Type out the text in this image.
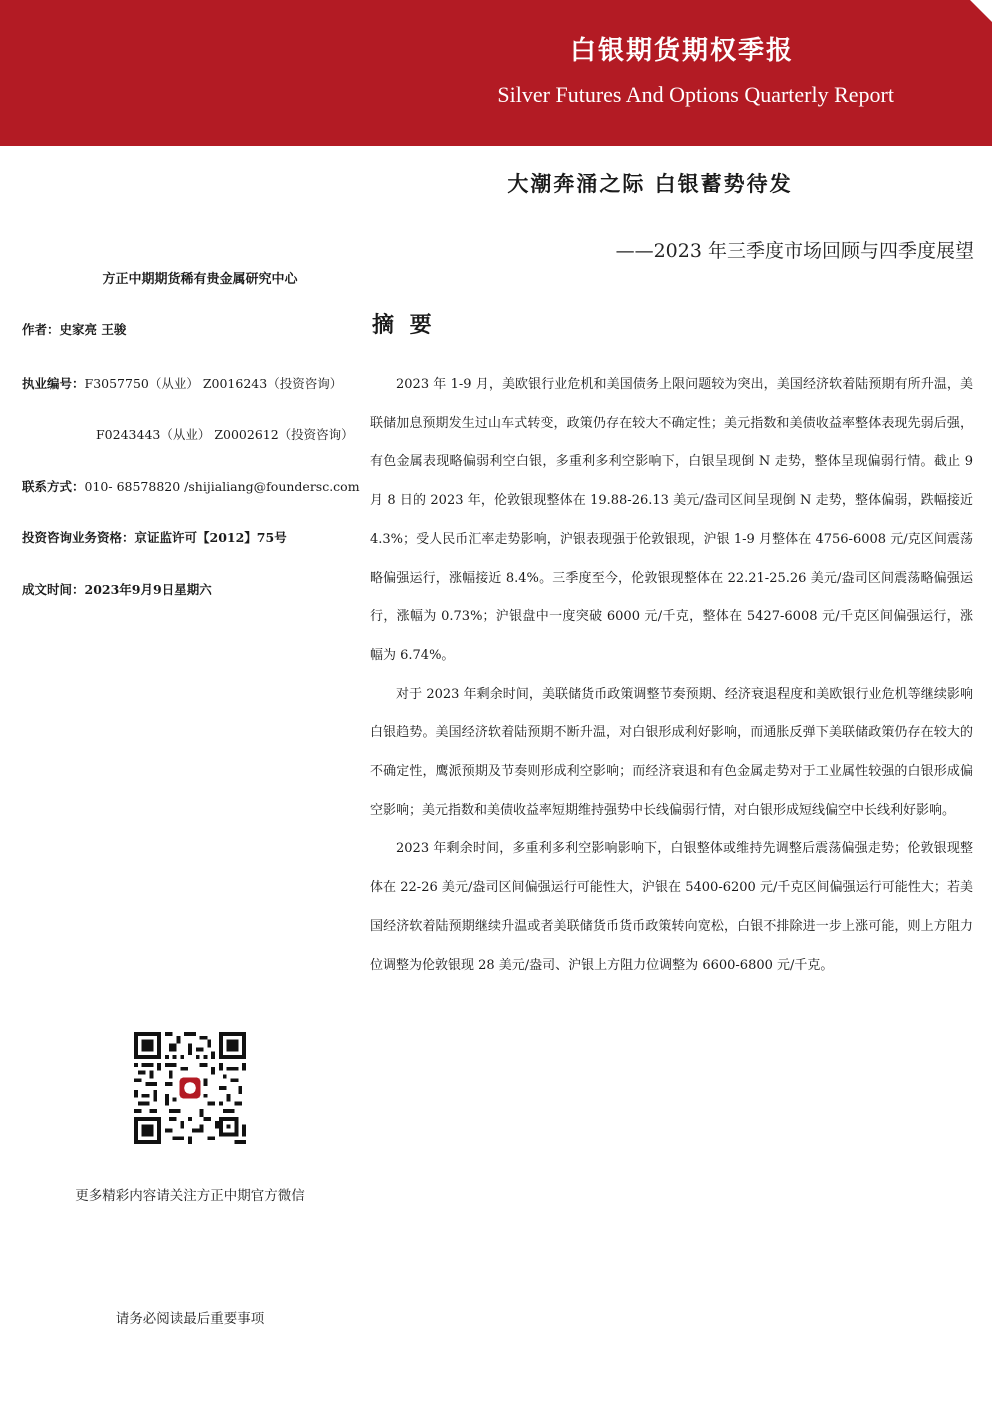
白银期货期权季报
Silver Futures And Options Quarterly Report
大潮奔涌之际 白银蓄势待发
——2023 年三季度市场回顾与四季度展望
方正中期期货稀有贵金属研究中心
作者：史家亮 王骏
执业编号：F3057750（从业） Z0016243（投资咨询）
F0243443（从业） Z0002612（投资咨询）
联系方式：010- 68578820 /shijialiang@foundersc.com
投资咨询业务资格：京证监许可【2012】75号
成文时间：2023年9月9日星期六
摘 要

2023 年 1-9 月，美欧银行业危机和美国债务上限问题较为突出，美国经济软着陆预期有所升温，美联储加息预期发生过山车式转变，政策仍存在较大不确定性；美元指数和美债收益率整体表现先弱后强，有色金属表现略偏弱利空白银，多重利多利空影响下，白银呈现倒 N 走势，整体呈现偏弱行情。截止 9 月 8 日的 2023 年，伦敦银现整体在 19.88-26.13 美元/盎司区间呈现倒 N 走势，整体偏弱，跌幅接近 4.3%；受人民币汇率走势影响，沪银表现强于伦敦银现，沪银 1-9 月整体在 4756-6008 元/克区间震荡略偏强运行，涨幅接近 8.4%。三季度至今，伦敦银现整体在 22.21-25.26 美元/盎司区间震荡略偏强运行，涨幅为 0.73%；沪银盘中一度突破 6000 元/千克，整体在 5427-6008 元/千克区间偏强运行，涨幅为 6.74%。

对于 2023 年剩余时间，美联储货币政策调整节奏预期、经济衰退程度和美欧银行业危机等继续影响白银趋势。美国经济软着陆预期不断升温，对白银形成利好影响，而通胀反弹下美联储政策仍存在较大的不确定性，鹰派预期及节奏则形成利空影响；而经济衰退和有色金属走势对于工业属性较强的白银形成偏空影响；美元指数和美债收益率短期维持强势中长线偏弱行情，对白银形成短线偏空中长线利好影响。

2023 年剩余时间，多重利多利空影响影响下，白银整体或维持先调整后震荡偏强走势；伦敦银现整体在 22-26 美元/盎司区间偏强运行可能性大，沪银在 5400-6200 元/千克区间偏强运行可能性大；若美国经济软着陆预期继续升温或者美联储货币货币政策转向宽松，白银不排除进一步上涨可能，则上方阻力位调整为伦敦银现 28 美元/盎司、沪银上方阻力位调整为 6600-6800 元/千克。

更多精彩内容请关注方正中期官方微信
请务必阅读最后重要事项
